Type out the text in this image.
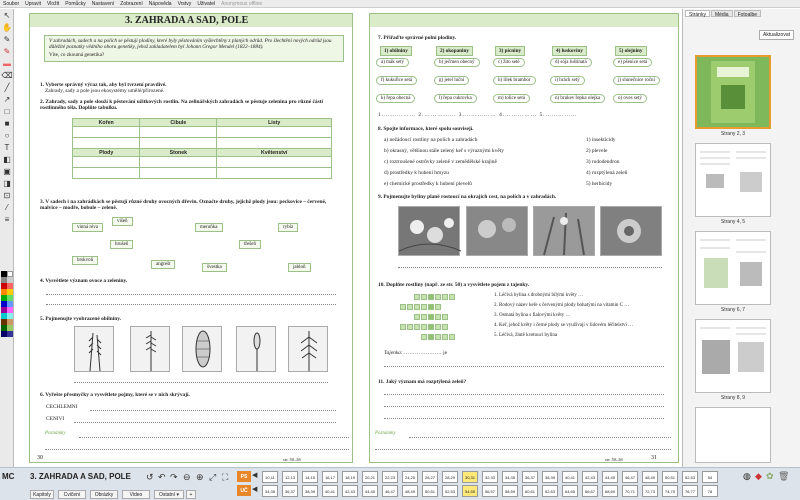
Soubor Upravit Vložit Pomůcky Nastavení Zobrazení Nápověda Vrstvy Uživatel Anonymous offline
↖
✋
✎
✎
▬
⌫
╱
↗
□
■
○
T
◧
▣
◨
⊡
⁄
≡
3. ZAHRADA A SAD, POLE
V zahradách, sadech a na polích se pěstují plodiny, které byly pěstováním vyšlechtěny z planých odrůd. Pro šlechtění nových odrůd jsou důležité poznatky vědního oboru genetiky, jehož zakladatelem byl Johann Gregor Mendel (1822–1884).
Víte, co zkoumá genetika?
1. Vyberte správný výraz tak, aby byl tvrzení pravdivé.
Zahrady, sady a pole jsou ekosystémy umělé/přirozené.
2. Zahrady, sady a pole slouží k pěstování užitkových rostlin. Na zelinářských zahradách se pěstuje zelenina pro různé části rostlinného těla. Doplňte tabulku.
Kořen	Cibule	Listy

Plody	Stonek	Květenství

3. V sadech i na zahrádkách se pěstují různé druhy ovocných dřevin. Označte druhy, jejichž plody jsou: peckovice – červeně, malvice – modře, bobule – zeleně.
višeň
vinná réva	meruňka	rybíz
hrušeň	třešeň
brskvoň
angrešt
švestka	jabloň
4. Vysvětlete význam ovoce a zeleniny.
5. Pojmenujte vyobrazené obilniny.
6. Vyřešte přesmyčky a vysvětlete pojmy, které se v nich skrývají.
CECHLEMNI
CENIVI
Poznámky
30	str. 50–56
7. Přiřaďte správné polní plodiny.
1) obilniny	2) okopaniny	3) pícniny	4) luskoviny	5) olejniny
a) mák setý	b) ječmen obecný	c) žito seté	d) sója luštinatá	e) pšenice setá
f) kukuřice setá	g) jetel luční	h) lilek brambor	i) hrách setý	j) slunečnice roční
k) řepa obecná	l) řepa cukrovka	m) tolice setá	n) brukev řepka olejka	o) oves setý
1.…………… 2.…………… 3.…………… 4.…………… 5.……………
8. Spojte informace, které spolu souvisejí.
a) nežádoucí rostliny na polích a zahradách	1) insekticidy
b) okrasný, většinou stále zelený keř s výraznými květy	2) plevele
c) roztroušené ostrůvky zeleně v zemědělské krajině	3) rododendron
d) prostředky k hubení hmyzu	4) rozptýlená zeleň
e) chemické prostředky k hubení plevelů	5) herbicidy
9. Pojmenujte byliny planě rostoucí na okrajích cest, na polích a v zahradách.
10. Doplňte rostliny (např. ze str. 50) a vysvětlete pojem z tajenky.
1. Léčivá bylina s drobnými bílými květy …
2. Rodový název keře s červenými plody bohatými na vitamin C …
3. Ostnatá bylina s fialovými květy …
4. Keř, jehož květy i černé plody se využívají v lidovém léčitelství …
5. Léčivá, žlutě kvetoucí bylina
Tajenka: ………………… je
11. Jaký význam má rozptýlená zeleň?
Poznámky
31
str. 50–56
Stránky	Média	Fotoalbe
Aktualizovat
Strany 2, 3
Strany 4, 5
Strany 6, 7
Strany 8, 9
MC 3. ZAHRADA A SAD, POLE
Kapitoly	Cvičení	Obrázky	Video	Ostatní ▾	+
↺ ↶ ↷ ⊖ ⊕ ⤢ ⛶	PS
UČ
◀
◀
10,11	12,13	14,15	16,17	18,19	20,21	22,23	24,25	26,27	28,29	30,31	32,33	34,35	36,37	38,39	40,41	42,43	44,45	46,47	48,49	50,51	52,53	54
34,35	36,37	38,39	40,41	42,43	44,45	46,47	48,49	50,51	52,53	54,55	56,57	58,59	60,61	62,63	64,65	66,67	68,69	70,71	72,73	74,75	76,77	78
◍ ◆ ✿ 🗑
